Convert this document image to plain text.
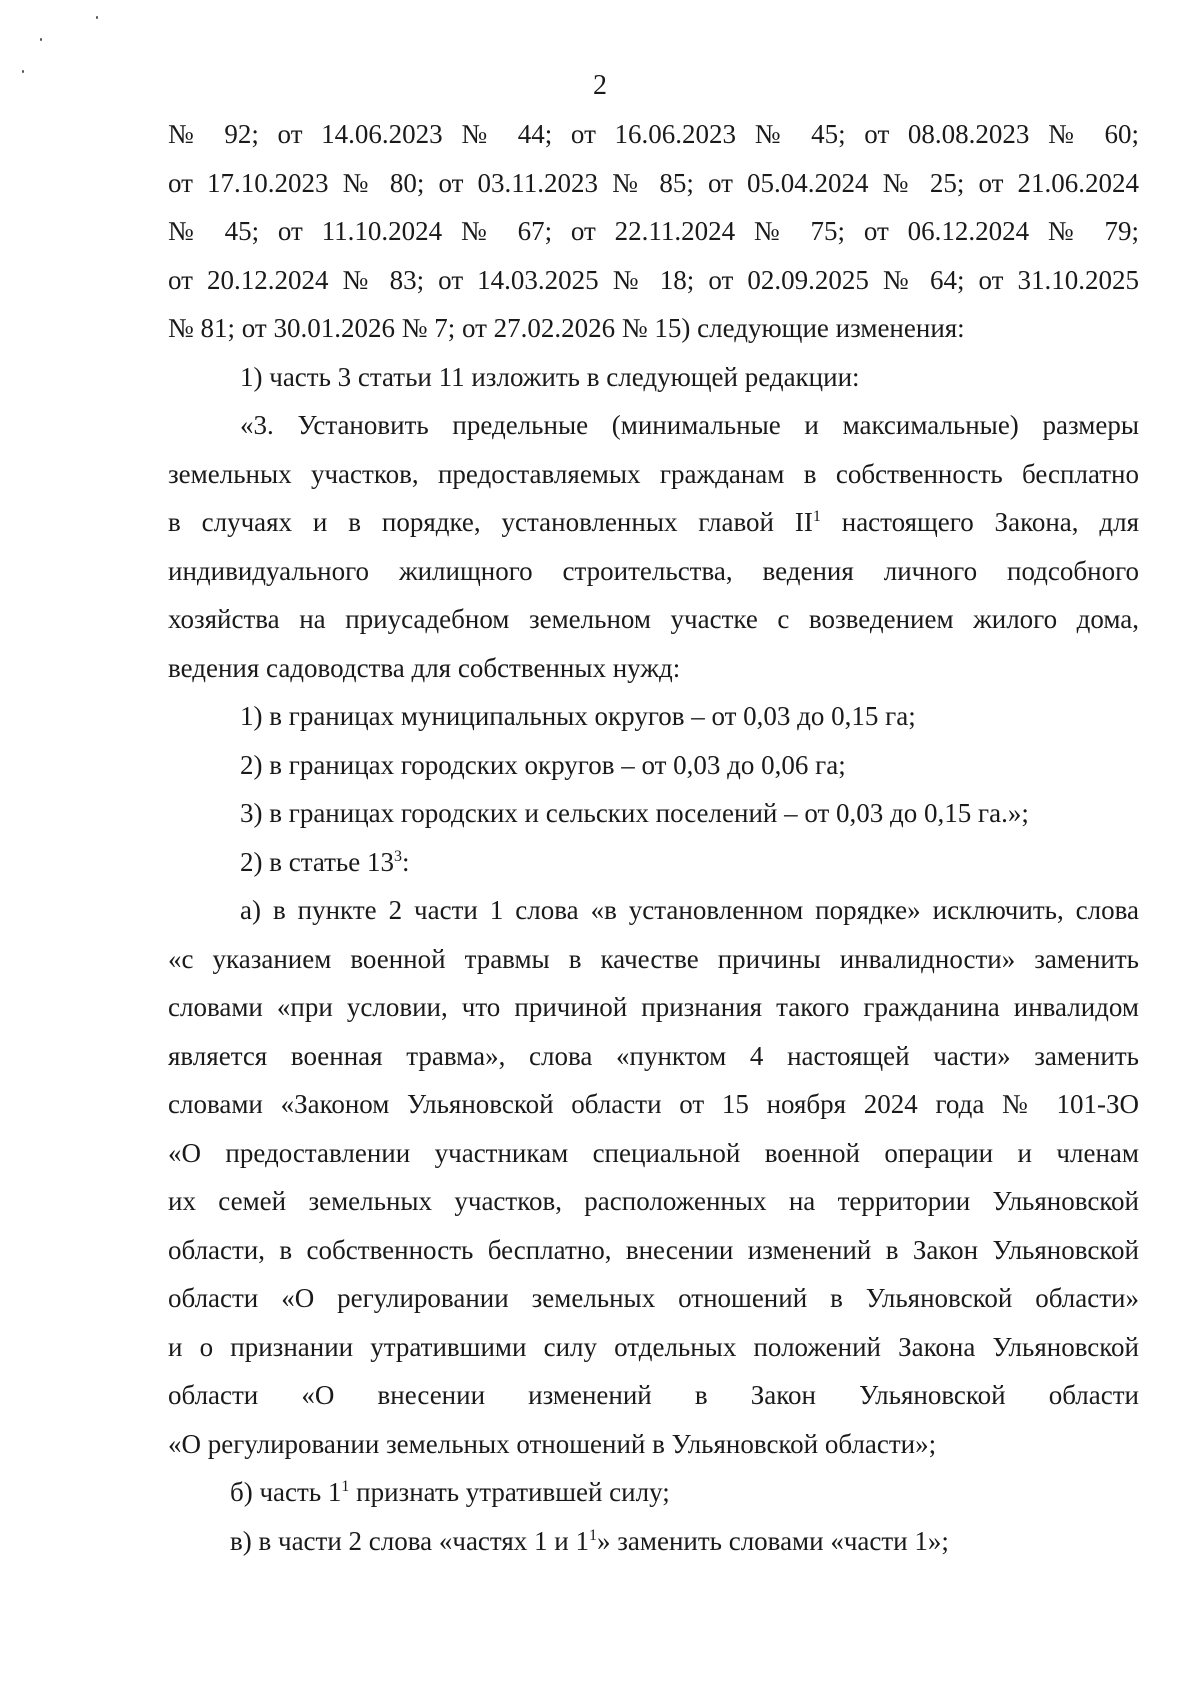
2
№ 92; от 14.06.2023 № 44; от 16.06.2023 № 45; от 08.08.2023 № 60;
от 17.10.2023 № 80; от 03.11.2023 № 85; от 05.04.2024 № 25; от 21.06.2024
№ 45; от 11.10.2024 № 67; от 22.11.2024 № 75; от 06.12.2024 № 79;
от 20.12.2024 № 83; от 14.03.2025 № 18; от 02.09.2025 № 64; от 31.10.2025
№ 81; от 30.01.2026 № 7; от 27.02.2026 № 15) следующие изменения:
1) часть 3 статьи 11 изложить в следующей редакции:
«3. Установить предельные (минимальные и максимальные) размеры
земельных участков, предоставляемых гражданам в собственность бесплатно
в случаях и в порядке, установленных главой $II^1$ настоящего Закона, для
индивидуального жилищного строительства, ведения личного подсобного
хозяйства на приусадебном земельном участке с возведением жилого дома,
ведения садоводства для собственных нужд:
1) в границах муниципальных округов – от 0,03 до 0,15 га;
2) в границах городских округов – от 0,03 до 0,06 га;
3) в границах городских и сельских поселений – от 0,03 до 0,15 га.»;
2) в статье $13^3$:
а) в пункте 2 части 1 слова «в установленном порядке» исключить, слова
«с указанием военной травмы в качестве причины инвалидности» заменить
словами «при условии, что причиной признания такого гражданина инвалидом
является военная травма», слова «пунктом 4 настоящей части» заменить
словами «Законом Ульяновской области от 15 ноября 2024 года № 101-ЗО
«О предоставлении участникам специальной военной операции и членам
их семей земельных участков, расположенных на территории Ульяновской
области, в собственность бесплатно, внесении изменений в Закон Ульяновской
области «О регулировании земельных отношений в Ульяновской области»
и о признании утратившими силу отдельных положений Закона Ульяновской
области «О внесении изменений в Закон Ульяновской области
«О регулировании земельных отношений в Ульяновской области»;
б) часть $1^1$ признать утратившей силу;
в) в части 2 слова «частях 1 и $1^1$» заменить словами «части 1»;
